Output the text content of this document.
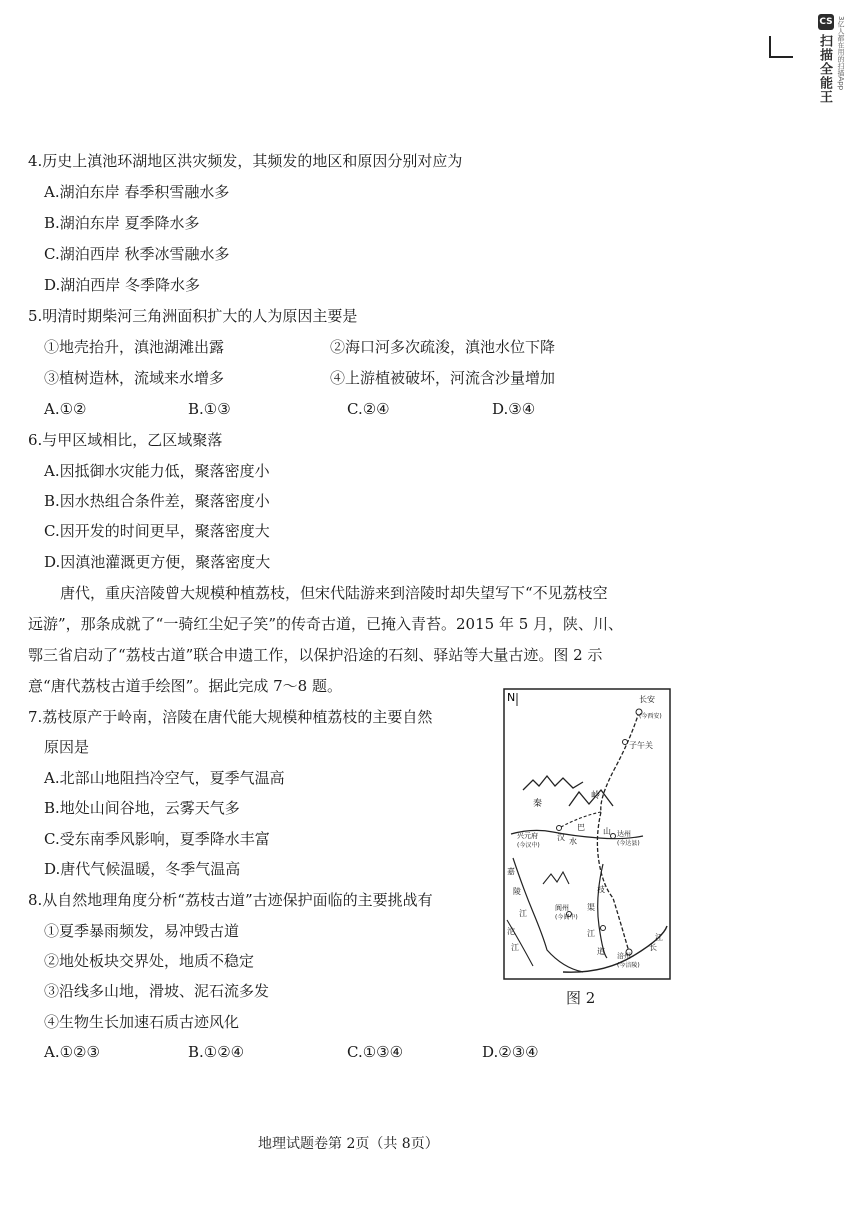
CS
扫描全能王 3亿人都在用的扫描App
4.历史上滇池环湖地区洪灾频发，其频发的地区和原因分别对应为
A.湖泊东岸 春季积雪融水多
B.湖泊东岸 夏季降水多
C.湖泊西岸 秋季冰雪融水多
D.湖泊西岸 冬季降水多
5.明清时期柴河三角洲面积扩大的人为原因主要是
①地壳抬升，滇池湖滩出露	②海口河多次疏浚，滇池水位下降
③植树造林，流域来水增多	④上游植被破坏，河流含沙量增加
A.①②	B.①③	C.②④	D.③④
6.与甲区域相比，乙区域聚落
A.因抵御水灾能力低，聚落密度小
B.因水热组合条件差，聚落密度小
C.因开发的时间更早，聚落密度大
D.因滇池灌溉更方便，聚落密度大
唐代，重庆涪陵曾大规模种植荔枝，但宋代陆游来到涪陵时却失望写下“不见荔枝空
远游”，那条成就了“一骑红尘妃子笑”的传奇古道，已掩入青苔。2015 年 5 月，陕、川、
鄂三省启动了“荔枝古道”联合申遗工作，以保护沿途的石刻、驿站等大量古迹。图 2 示
意“唐代荔枝古道手绘图”。据此完成 7～8 题。
7.荔枝原产于岭南，涪陵在唐代能大规模种植荔枝的主要自然
原因是
A.北部山地阻挡冷空气，夏季气温高
B.地处山间谷地，云雾天气多
C.受东南季风影响，夏季降水丰富
D.唐代气候温暖，冬季气温高
8.从自然地理角度分析“荔枝古道”古迹保护面临的主要挑战有
①夏季暴雨频发，易冲毁古道
②地处板块交界处，地质不稳定
③沿线多山地，滑坡、泥石流多发
④生物生长加速石质古迹风化
A.①②③	B.①②④	C.①③④	D.②③④
N	长安
(今西安)
子午关
秦
岭
兴元府
(今汉中)
汉 水
巴 山 达州
(今达县)
嘉
陵
江
阆州
(今阆中)
渠
枝
江
涪州
(今涪陵)
长
江
道
沱
江
图 2
地理试题卷第 2页（共 8页）
